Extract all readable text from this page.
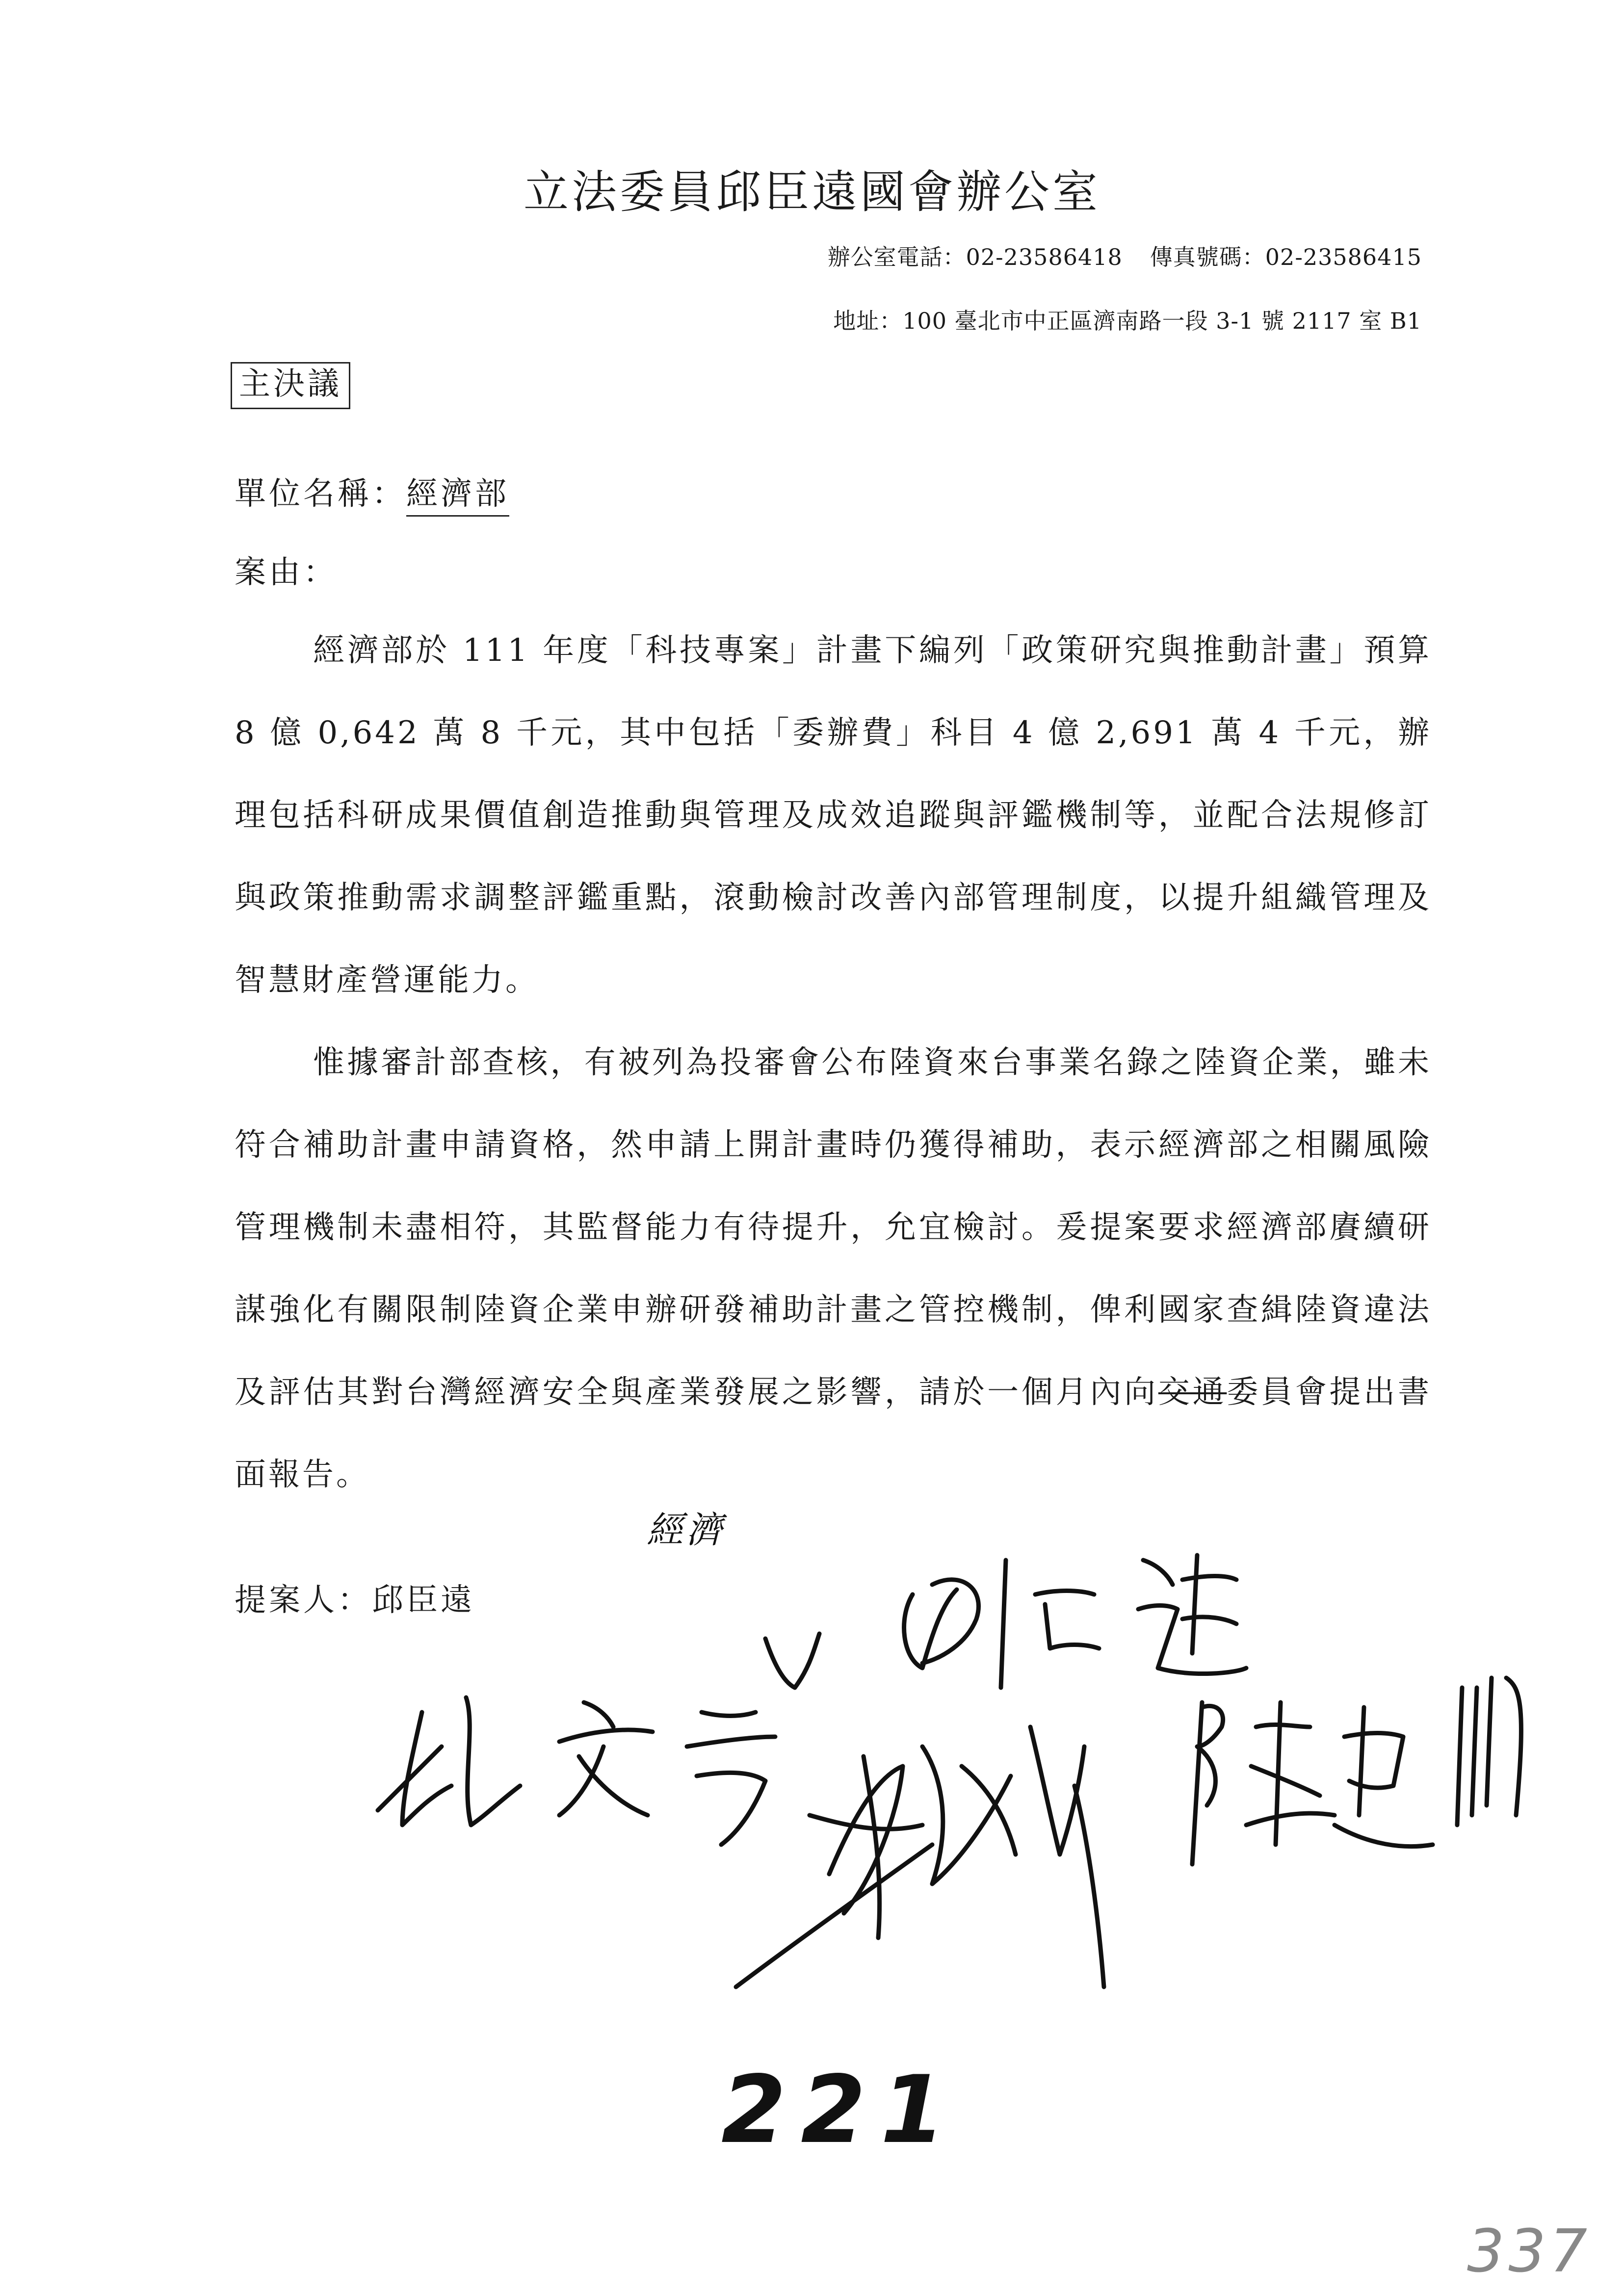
立法委員邱臣遠國會辦公室
辦公室電話：02-23586418 傳真號碼：02-23586415
地址：100 臺北市中正區濟南路一段 3-1 號 2117 室 B1
主決議
單位名稱：經濟部
案由：
經濟部於 111 年度「科技專案」計畫下編列「政策研究與推動計畫」預算 8 億 0,642 萬 8 千元，其中包括「委辦費」科目 4 億 2,691 萬 4 千元，辦理包括科研成果價值創造推動與管理及成效追蹤與評鑑機制等，並配合法規修訂與政策推動需求調整評鑑重點，滾動檢討改善內部管理制度，以提升組織管理及智慧財產營運能力。
惟據審計部查核，有被列為投審會公布陸資來台事業名錄之陸資企業，雖未符合補助計畫申請資格，然申請上開計畫時仍獲得補助，表示經濟部之相關風險管理機制未盡相符，其監督能力有待提升，允宜檢討。爰提案要求經濟部賡續研謀強化有關限制陸資企業申辦研發補助計畫之管控機制，俾利國家查緝陸資違法及評估其對台灣經濟安全與產業發展之影響，請於一個月內向交通委員會提出書面報告。
經濟
提案人：邱臣遠
221
337
